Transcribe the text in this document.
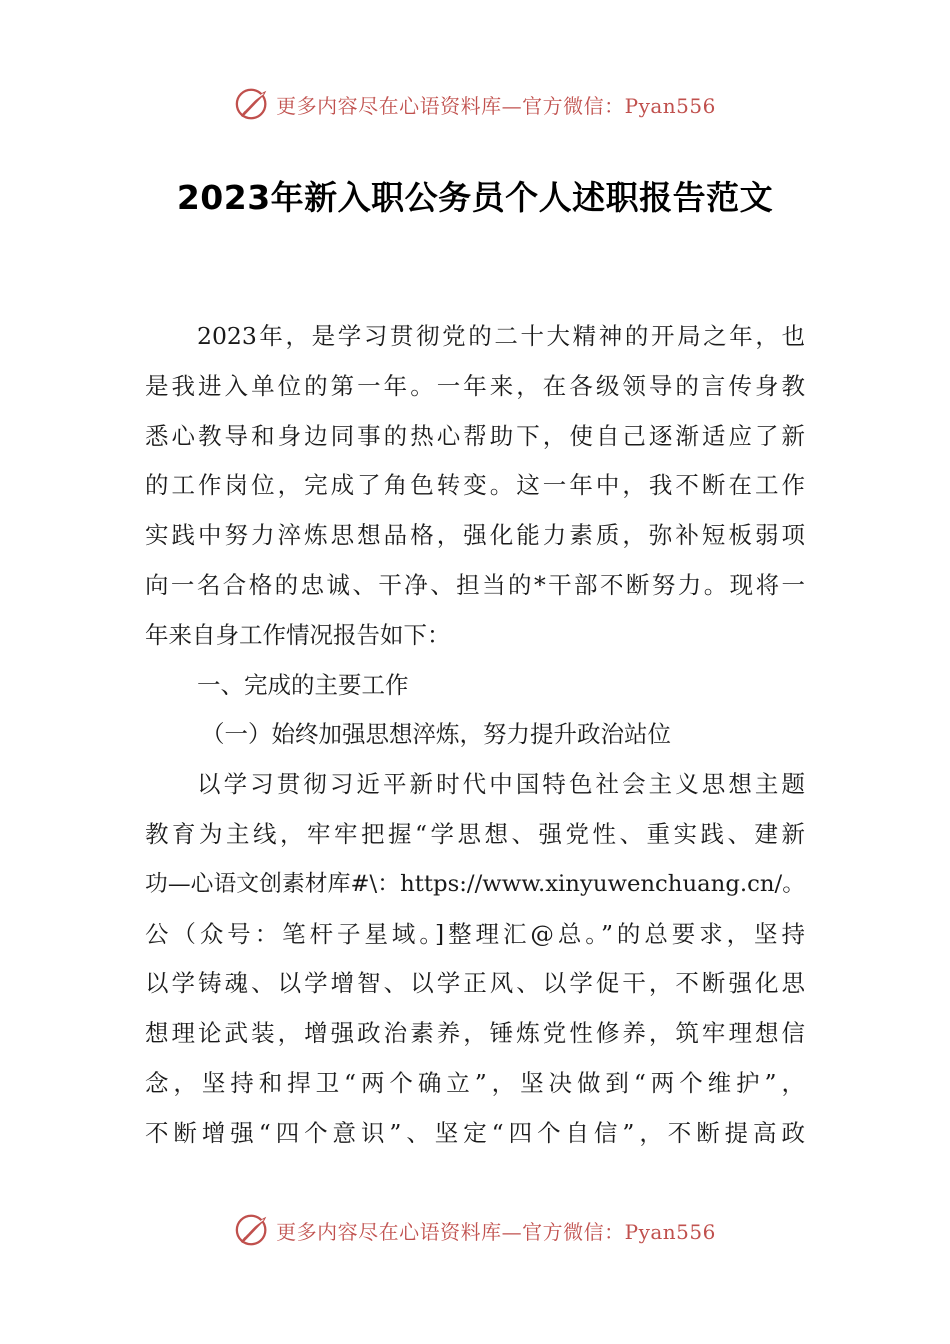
更多内容尽在心语资料库—官方微信：Pyan556
2023年新入职公务员个人述职报告范文
2023年，是学习贯彻党的二十大精神的开局之年，也
是我进入单位的第一年。一年来，在各级领导的言传身教
悉心教导和身边同事的热心帮助下，使自己逐渐适应了新
的工作岗位，完成了角色转变。这一年中，我不断在工作
实践中努力淬炼思想品格，强化能力素质，弥补短板弱项
向一名合格的忠诚、干净、担当的*干部不断努力。现将一
年来自身工作情况报告如下：
一、完成的主要工作
（一）始终加强思想淬炼，努力提升政治站位
以学习贯彻习近平新时代中国特色社会主义思想主题
教育为主线，牢牢把握“学思想、强党性、重实践、建新
功—心语文创素材库#\：https://www.xinyuwenchuang.cn/。
公（众号：笔杆子星域。]整理汇@总。”的总要求，坚持
以学铸魂、以学增智、以学正风、以学促干，不断强化思
想理论武装，增强政治素养，锤炼党性修养，筑牢理想信
念，坚持和捍卫“两个确立”，坚决做到“两个维护”，
不断增强“四个意识”、坚定“四个自信”，不断提高政
更多内容尽在心语资料库—官方微信：Pyan556
